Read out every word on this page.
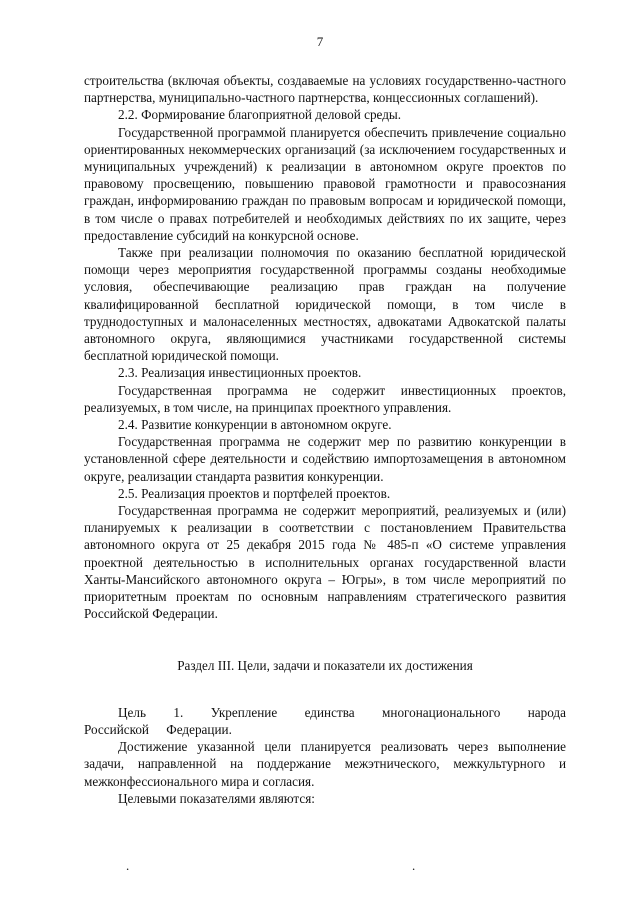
7

строительства (включая объекты, создаваемые на условиях государственно-частного партнерства, муниципально-частного партнерства, концессионных соглашений).

2.2. Формирование благоприятной деловой среды.

Государственной программой планируется обеспечить привлечение социально ориентированных некоммерческих организаций (за исключением государственных и муниципальных учреждений) к реализации в автономном округе проектов по правовому просвещению, повышению правовой грамотности и правосознания граждан, информированию граждан по правовым вопросам и юридической помощи, в том числе о правах потребителей и необходимых действиях по их защите, через предоставление субсидий на конкурсной основе.

Также при реализации полномочия по оказанию бесплатной юридической помощи через мероприятия государственной программы созданы необходимые условия, обеспечивающие реализацию прав граждан на получение квалифицированной бесплатной юридической помощи, в том числе в труднодоступных и малонаселенных местностях, адвокатами Адвокатской палаты автономного округа, являющимися участниками государственной системы бесплатной юридической помощи.

2.3. Реализация инвестиционных проектов.

Государственная программа не содержит инвестиционных проектов, реализуемых, в том числе, на принципах проектного управления.

2.4. Развитие конкуренции в автономном округе.

Государственная программа не содержит мер по развитию конкуренции в установленной сфере деятельности и содействию импортозамещения в автономном округе, реализации стандарта развития конкуренции.

2.5. Реализация проектов и портфелей проектов.

Государственная программа не содержит мероприятий, реализуемых и (или) планируемых к реализации в соответствии с постановлением Правительства автономного округа от 25 декабря 2015 года № 485-п «О системе управления проектной деятельностью в исполнительных органах государственной власти Ханты-Мансийского автономного округа – Югры», в том числе мероприятий по приоритетным проектам по основным направлениям стратегического развития Российской Федерации.

Раздел III. Цели, задачи и показатели их достижения

Цель 1. Укрепление единства многонационального народа Российской Федерации.

Достижение указанной цели планируется реализовать через выполнение задачи, направленной на поддержание межэтнического, межкультурного и межконфессионального мира и согласия.

Целевыми показателями являются:

.	.
